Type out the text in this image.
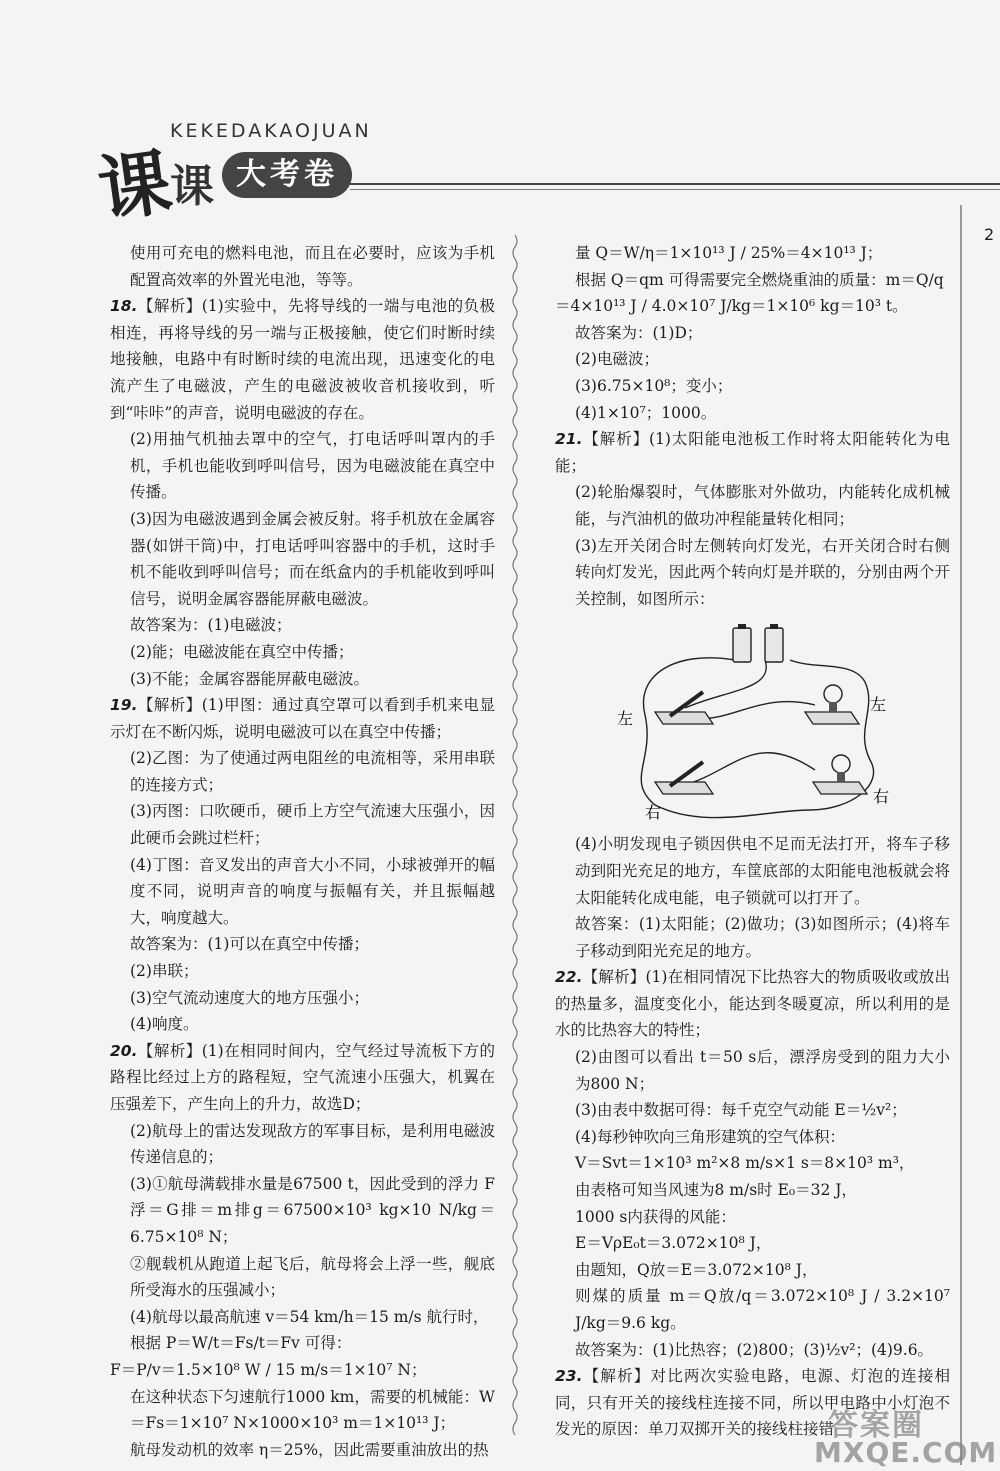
课
KEKEDAKAOJUAN
课 大考卷
2

使用可充电的燃料电池，而且在必要时，应该为手机配置高效率的外置光电池，等等。

18.【解析】(1)实验中，先将导线的一端与电池的负极相连，再将导线的另一端与正极接触，使它们时断时续地接触，电路中有时断时续的电流出现，迅速变化的电流产生了电磁波，产生的电磁波被收音机接收到，听到“咔咔”的声音，说明电磁波的存在。

(2)用抽气机抽去罩中的空气，打电话呼叫罩内的手机，手机也能收到呼叫信号，因为电磁波能在真空中传播。

(3)因为电磁波遇到金属会被反射。将手机放在金属容器(如饼干筒)中，打电话呼叫容器中的手机，这时手机不能收到呼叫信号；而在纸盒内的手机能收到呼叫信号，说明金属容器能屏蔽电磁波。

故答案为：(1)电磁波；

(2)能；电磁波能在真空中传播；

(3)不能；金属容器能屏蔽电磁波。

19.【解析】(1)甲图：通过真空罩可以看到手机来电显示灯在不断闪烁，说明电磁波可以在真空中传播；

(2)乙图：为了使通过两电阻丝的电流相等，采用串联的连接方式；

(3)丙图：口吹硬币，硬币上方空气流速大压强小，因此硬币会跳过栏杆；

(4)丁图：音叉发出的声音大小不同，小球被弹开的幅度不同，说明声音的响度与振幅有关，并且振幅越大，响度越大。

故答案为：(1)可以在真空中传播；

(2)串联；

(3)空气流动速度大的地方压强小；

(4)响度。

20.【解析】(1)在相同时间内，空气经过导流板下方的路程比经过上方的路程短，空气流速小压强大，机翼在压强差下，产生向上的升力，故选D；

(2)航母上的雷达发现敌方的军事目标，是利用电磁波传递信息的；

(3)①航母满载排水量是67500 t，因此受到的浮力 F浮＝G排＝m排g＝67500×10³ kg×10 N/kg＝6.75×10⁸ N；

②舰载机从跑道上起飞后，航母将会上浮一些，舰底所受海水的压强减小；

(4)航母以最高航速 v＝54 km/h＝15 m/s 航行时，

根据 P＝W/t＝Fs/t＝Fv 可得：

F＝P/v＝1.5×10⁸ W / 15 m/s＝1×10⁷ N；

在这种状态下匀速航行1000 km，需要的机械能：W＝Fs＝1×10⁷ N×1000×10³ m＝1×10¹³ J；

航母发动机的效率 η＝25%，因此需要重油放出的热

量 Q＝W/η＝1×10¹³ J / 25%＝4×10¹³ J；

根据 Q＝qm 可得需要完全燃烧重油的质量：m＝Q/q

＝4×10¹³ J / 4.0×10⁷ J/kg＝1×10⁶ kg＝10³ t。

故答案为：(1)D；

(2)电磁波；

(3)6.75×10⁸；变小；

(4)1×10⁷；1000。

21.【解析】(1)太阳能电池板工作时将太阳能转化为电能；

(2)轮胎爆裂时，气体膨胀对外做功，内能转化成机械能，与汽油机的做功冲程能量转化相同；

(3)左开关闭合时左侧转向灯发光，右开关闭合时右侧转向灯发光，因此两个转向灯是并联的，分别由两个开关控制，如图所示：

左
左
右
右

(4)小明发现电子锁因供电不足而无法打开，将车子移动到阳光充足的地方，车筐底部的太阳能电池板就会将太阳能转化成电能，电子锁就可以打开了。

故答案：(1)太阳能；(2)做功；(3)如图所示；(4)将车子移动到阳光充足的地方。

22.【解析】(1)在相同情况下比热容大的物质吸收或放出的热量多，温度变化小，能达到冬暖夏凉，所以利用的是水的比热容大的特性；

(2)由图可以看出 t＝50 s后，漂浮房受到的阻力大小为800 N；

(3)由表中数据可得：每千克空气动能 E＝½v²；

(4)每秒钟吹向三角形建筑的空气体积：

V＝Svt＝1×10³ m²×8 m/s×1 s＝8×10³ m³，

由表格可知当风速为8 m/s时 E₀＝32 J，

1000 s内获得的风能：

E＝VρE₀t＝3.072×10⁸ J，

由题知，Q放＝E＝3.072×10⁸ J，

则煤的质量 m＝Q放/q＝3.072×10⁸ J / 3.2×10⁷ J/kg＝9.6 kg。

故答案为：(1)比热容；(2)800；(3)½v²；(4)9.6。

23.【解析】对比两次实验电路，电源、灯泡的连接相同，只有开关的接线柱连接不同，所以甲电路中小灯泡不发光的原因：单刀双掷开关的接线柱接错

答案圈
MXQE.COM
